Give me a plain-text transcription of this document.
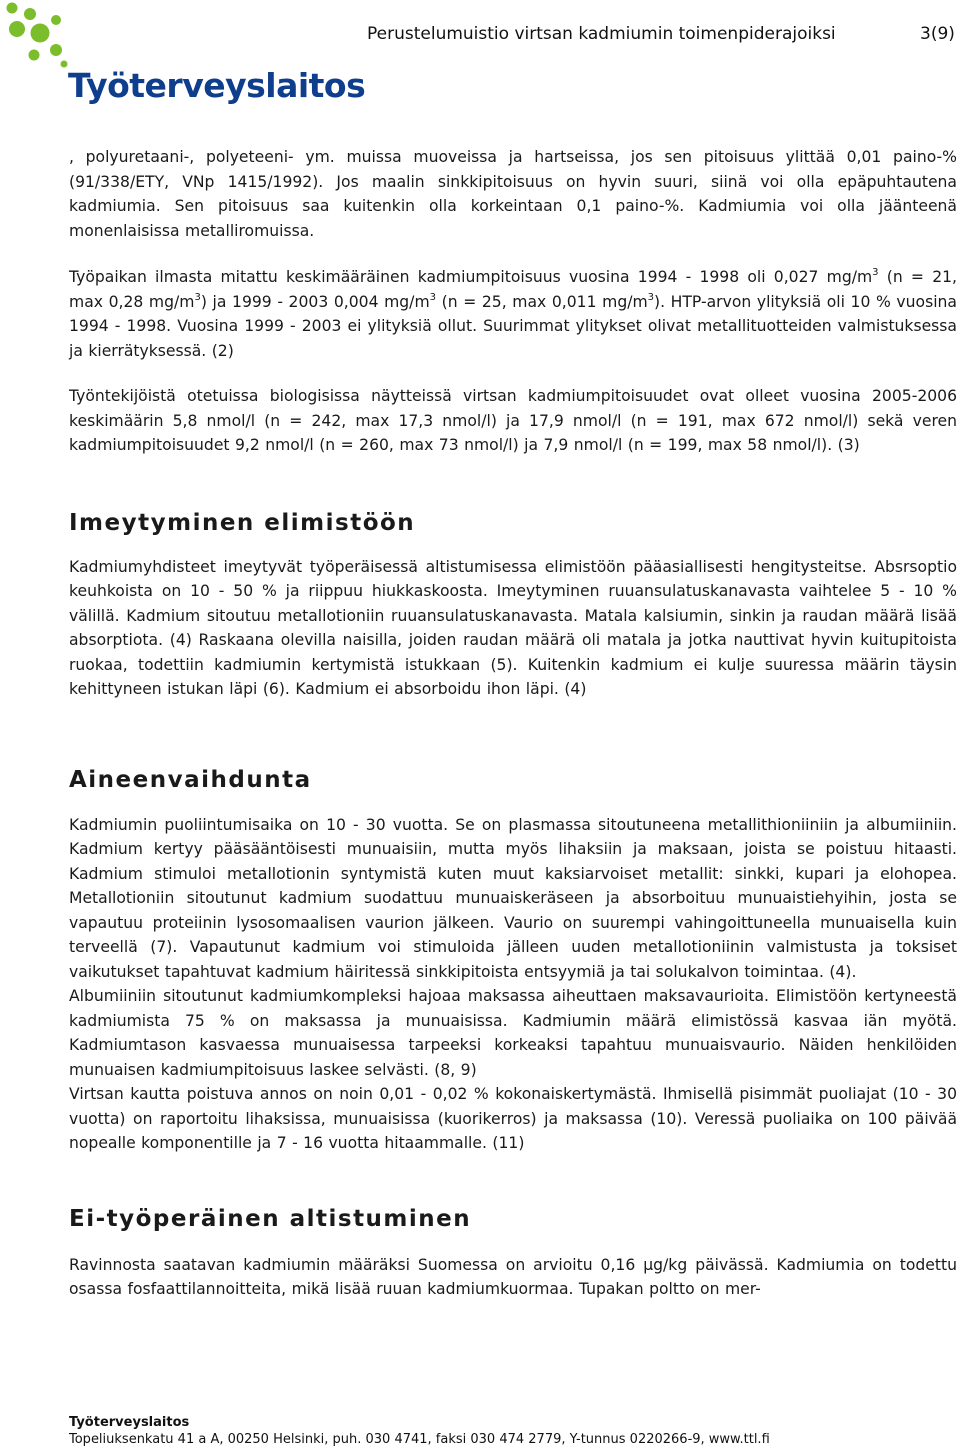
Työterveyslaitos

Perustelumuistio virtsan kadmiumin toimenpiderajoiksi	3(9)

, polyuretaani-, polyeteeni- ym. muissa muoveissa ja hartseissa, jos sen pitoisuus ylittää 0,01 paino-% (91/338/ETY, VNp 1415/1992). Jos maalin sinkkipitoisuus on hyvin suuri, siinä voi olla epäpuhtautena kadmiumia. Sen pitoisuus saa kuitenkin olla korkeintaan 0,1 paino-%. Kadmiumia voi olla jäänteenä monenlaisissa metalliromuissa.

Työpaikan ilmasta mitattu keskimääräinen kadmiumpitoisuus vuosina 1994 - 1998 oli 0,027 $mg/m^3$ (n = 21, max 0,28 $mg/m^3$) ja 1999 - 2003 0,004 $mg/m^3$ (n = 25, max 0,011 $mg/m^3$). HTP-arvon ylityksiä oli 10 % vuosina 1994 - 1998. Vuosina 1999 - 2003 ei ylityksiä ollut. Suurimmat ylitykset olivat metallituotteiden valmistuksessa ja kierrätyksessä. (2)

Työntekijöistä otetuissa biologisissa näytteissä virtsan kadmiumpitoisuudet ovat olleet vuosina 2005-2006 keskimäärin 5,8 nmol/l (n = 242, max 17,3 nmol/l) ja 17,9 nmol/l (n = 191, max 672 nmol/l) sekä veren kadmiumpitoisuudet 9,2 nmol/l (n = 260, max 73 nmol/l) ja 7,9 nmol/l (n = 199, max 58 nmol/l). (3)

Imeytyminen elimistöön

Kadmiumyhdisteet imeytyvät työperäisessä altistumisessa elimistöön pääasiallisesti hengitysteitse. Absrsoptio keuhkoista on 10 - 50 % ja riippuu hiukkaskoosta. Imeytyminen ruuansulatuskanavasta vaihtelee 5 - 10 % välillä. Kadmium sitoutuu metallotioniin ruuansulatuskanavasta. Matala kalsiumin, sinkin ja raudan määrä lisää absorptiota. (4) Raskaana olevilla naisilla, joiden raudan määrä oli matala ja jotka nauttivat hyvin kuitupitoista ruokaa, todettiin kadmiumin kertymistä istukkaan (5). Kuitenkin kadmium ei kulje suuressa määrin täysin kehittyneen istukan läpi (6). Kadmium ei absorboidu ihon läpi. (4)

Aineenvaihdunta

Kadmiumin puoliintumisaika on 10 - 30 vuotta. Se on plasmassa sitoutuneena metallithioniiniin ja albumiiniin. Kadmium kertyy pääsääntöisesti munuaisiin, mutta myös lihaksiin ja maksaan, joista se poistuu hitaasti. Kadmium stimuloi metallotionin syntymistä kuten muut kaksiarvoiset metallit: sinkki, kupari ja elohopea. Metallotioniin sitoutunut kadmium suodattuu munuaiskeräseen ja absorboituu munuaistiehyihin, josta se vapautuu proteiinin lysosomaalisen vaurion jälkeen. Vaurio on suurempi vahingoittuneella munuaisella kuin terveellä (7). Vapautunut kadmium voi stimuloida jälleen uuden metallotioniinin valmistusta ja toksiset vaikutukset tapahtuvat kadmium häiritessä sinkkipitoista entsyymiä ja tai solukalvon toimintaa. (4).

Albumiiniin sitoutunut kadmiumkompleksi hajoaa maksassa aiheuttaen maksavaurioita. Elimistöön kertyneestä kadmiumista 75 % on maksassa ja munuaisissa. Kadmiumin määrä elimistössä kasvaa iän myötä. Kadmiumtason kasvaessa munuaisessa tarpeeksi korkeaksi tapahtuu munuaisvaurio. Näiden henkilöiden munuaisen kadmiumpitoisuus laskee selvästi. (8, 9)

Virtsan kautta poistuva annos on noin 0,01 - 0,02 % kokonaiskertymästä. Ihmisellä pisimmät puoliajat (10 - 30 vuotta) on raportoitu lihaksissa, munuaisissa (kuorikerros) ja maksassa (10). Veressä puoliaika on 100 päivää nopealle komponentille ja 7 - 16 vuotta hitaammalle. (11)

Ei-työperäinen altistuminen

Ravinnosta saatavan kadmiumin määräksi Suomessa on arvioitu 0,16 µg/kg päivässä. Kadmiumia on todettu osassa fosfaattilannoitteita, mikä lisää ruuan kadmiumkuormaa. Tupakan poltto on mer-

Työterveyslaitos

Topeliuksenkatu 41 a A, 00250 Helsinki, puh. 030 4741, faksi 030 474 2779, Y-tunnus 0220266-9, www.ttl.fi
